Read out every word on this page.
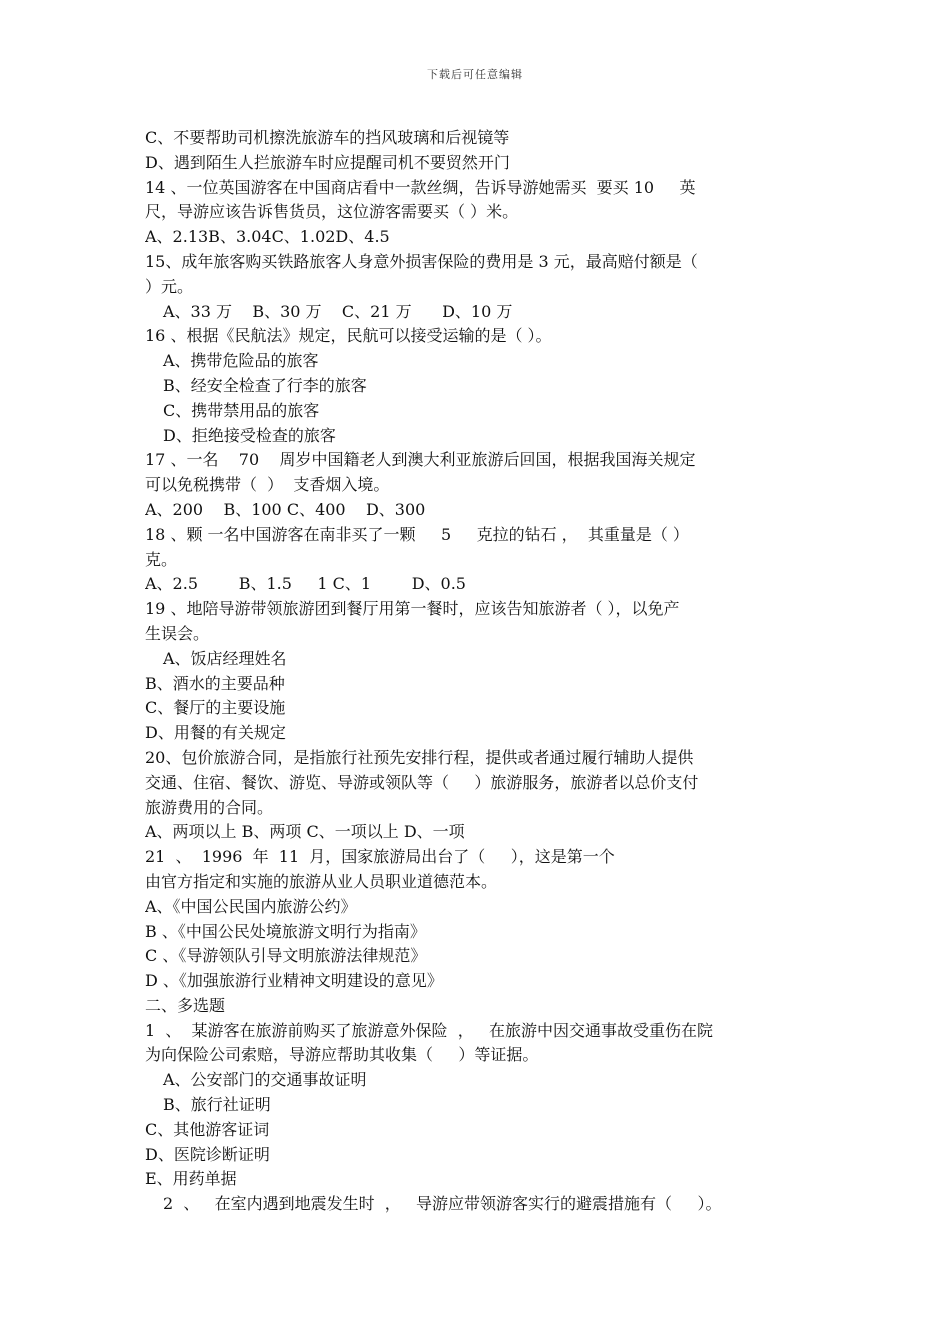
下载后可任意编辑
C、不要帮助司机擦洗旅游车的挡风玻璃和后视镜等
D、遇到陌生人拦旅游车时应提醒司机不要贸然开门
14 、一位英国游客在中国商店看中一款丝绸，告诉导游她需买  要买 10     英
尺，导游应该告诉售货员，这位游客需要买（ ）米。
A、2.13B、3.04C、1.02D、4.5
15、成年旅客购买铁路旅客人身意外损害保险的费用是 3 元，最高赔付额是（
）元。
A、33 万    B、30 万    C、21 万      D、10 万
16 、根据《民航法》规定，民航可以接受运输的是（ ）。
A、携带危险品的旅客
B、经安全检查了行李的旅客
C、携带禁用品的旅客
D、拒绝接受检查的旅客
17 、一名    70    周岁中国籍老人到澳大利亚旅游后回国，根据我国海关规定
可以免税携带（  ）  支香烟入境。
A、200    B、100 C、400    D、300
18 、颗 一名中国游客在南非买了一颗     5     克拉的钻石 ，  其重量是（ ）
克。
A、2.5        B、1.5     1 C、1        D、0.5
19 、地陪导游带领旅游团到餐厅用第一餐时，应该告知旅游者（ ），以免产
生误会。
A、饭店经理姓名
B、酒水的主要品种
C、餐厅的主要设施
D、用餐的有关规定
20、包价旅游合同，是指旅行社预先安排行程，提供或者通过履行辅助人提供
交通、住宿、餐饮、游览、导游或领队等（     ）旅游服务，旅游者以总价支付
旅游费用的合同。
A、两项以上 B、两项 C、一项以上 D、一项
21  、  1996  年  11  月，国家旅游局出台了（     ），这是第一个
由官方指定和实施的旅游从业人员职业道德范本。
A、《中国公民国内旅游公约》
B 、《中国公民处境旅游文明行为指南》
C 、《导游领队引导文明旅游法律规范》
D 、《加强旅游行业精神文明建设的意见》
二、多选题
1  、  某游客在旅游前购买了旅游意外保险  ，   在旅游中因交通事故受重伤在院
为向保险公司索赔，导游应帮助其收集（     ）等证据。
A、公安部门的交通事故证明
B、旅行社证明
C、其他游客证词
D、医院诊断证明
E、用药单据
2  、   在室内遇到地震发生时  ，   导游应带领游客实行的避震措施有（     ）。
